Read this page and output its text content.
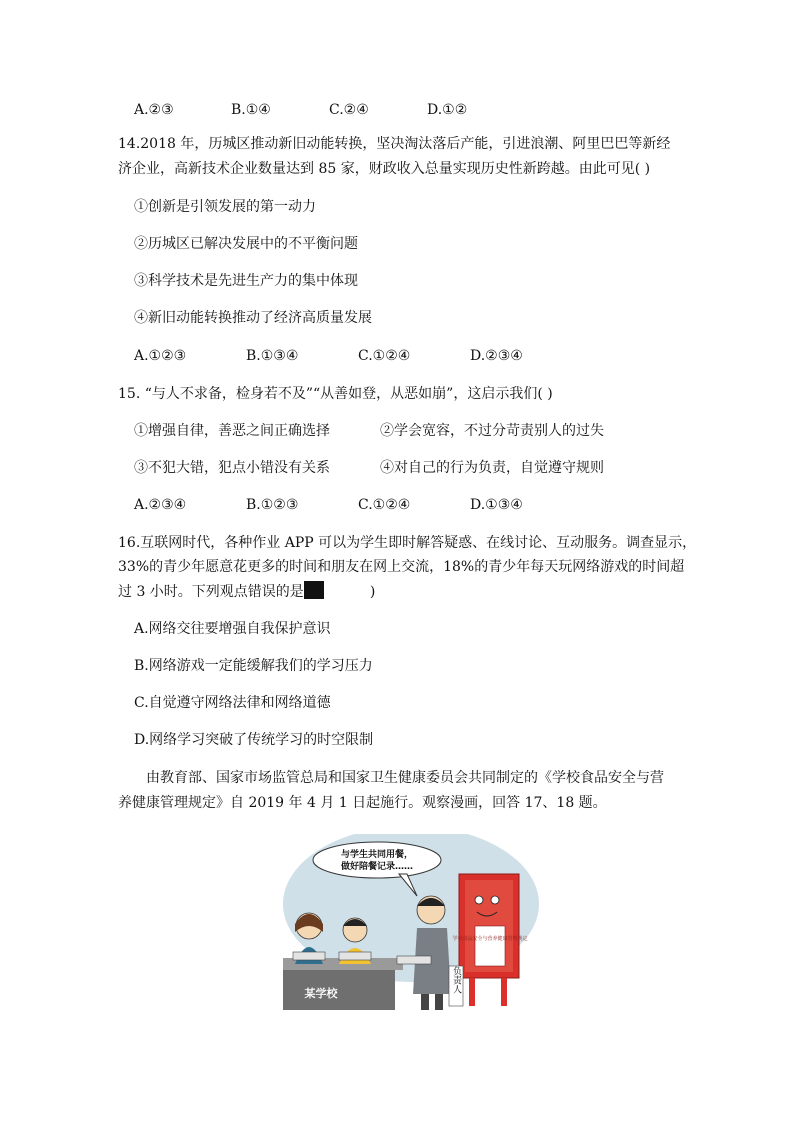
A.②③	B.①④	C.②④	D.①②
14.2018 年，历城区推动新旧动能转换，坚决淘汰落后产能，引进浪潮、阿里巴巴等新经
济企业，高新技术企业数量达到 85 家，财政收入总量实现历史性新跨越。由此可见( )
①创新是引领发展的第一动力
②历城区已解决发展中的不平衡问题
③科学技术是先进生产力的集中体现
④新旧动能转换推动了经济高质量发展
A.①②③	B.①③④	C.①②④	D.②③④
15. “与人不求备，检身若不及”“从善如登，从恶如崩”，这启示我们( )
①增强自律，善恶之间正确选择	②学会宽容，不过分苛责别人的过失
③不犯大错，犯点小错没有关系	④对自己的行为负责，自觉遵守规则
A.②③④	B.①②③	C.①②④	D.①③④
16.互联网时代，各种作业 APP 可以为学生即时解答疑惑、在线讨论、互动服务。调查显示，
33%的青少年愿意花更多的时间和朋友在网上交流，18%的青少年每天玩网络游戏的时间超
过 3 小时。下列观点错误的是	)
A.网络交往要增强自我保护意识
B.网络游戏一定能缓解我们的学习压力
C.自觉遵守网络法律和网络道德
D.网络学习突破了传统学习的时空限制
由教育部、国家市场监管总局和国家卫生健康委员会共同制定的《学校食品安全与营
养健康管理规定》自 2019 年 4 月 1 日起施行。观察漫画，回答 17、18 题。
与学生共同用餐，
做好陪餐记录……
某学校
学校食品安全与营养健康管理规定
负责人
